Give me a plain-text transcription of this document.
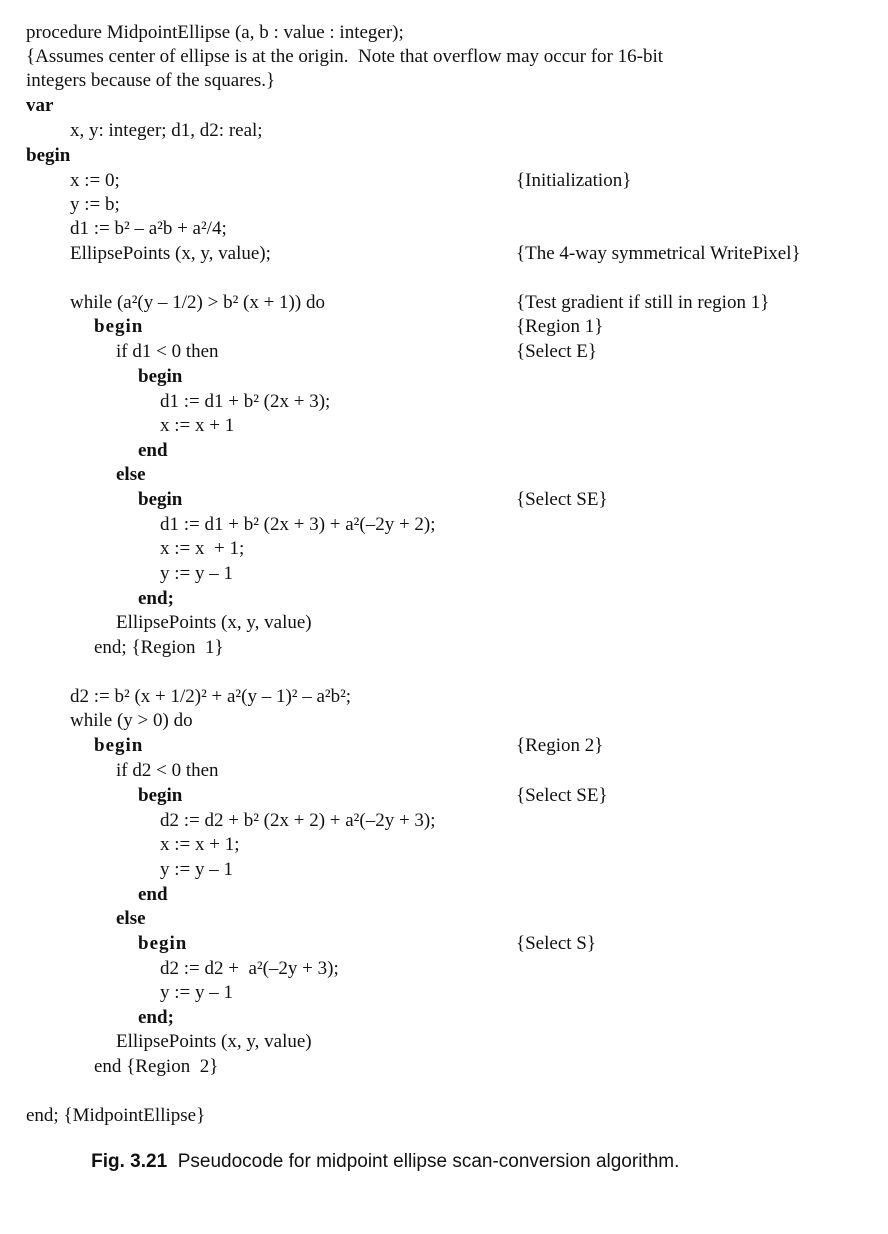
procedure MidpointEllipse (a, b : value : integer);
{Assumes center of ellipse is at the origin.  Note that overflow may occur for 16-bit
integers because of the squares.}
var
x, y: integer; d1, d2: real;
begin
x := 0;
y := b;
d1 := b² – a²b + a²/4;
EllipsePoints (x, y, value);
while (a²(y – 1/2) > b² (x + 1)) do
begin
if d1 < 0 then
begin
d1 := d1 + b² (2x + 3);
x := x + 1
end
else
begin
d1 := d1 + b² (2x + 3) + a²(–2y + 2);
x := x  + 1;
y := y – 1
end;
EllipsePoints (x, y, value)
end; {Region  1}
d2 := b² (x + 1/2)² + a²(y – 1)² – a²b²;
while (y > 0) do
begin
if d2 < 0 then
begin
d2 := d2 + b² (2x + 2) + a²(–2y + 3);
x := x + 1;
y := y – 1
end
else
begin
d2 := d2 +  a²(–2y + 3);
y := y – 1
end;
EllipsePoints (x, y, value)
end {Region  2}
end; {MidpointEllipse}
{Initialization}
{The 4-way symmetrical WritePixel}
{Test gradient if still in region 1}
{Region 1}
{Select E}
{Select SE}
{Region 2}
{Select SE}
{Select S}

Fig. 3.21  Pseudocode for midpoint ellipse scan-conversion algorithm.
